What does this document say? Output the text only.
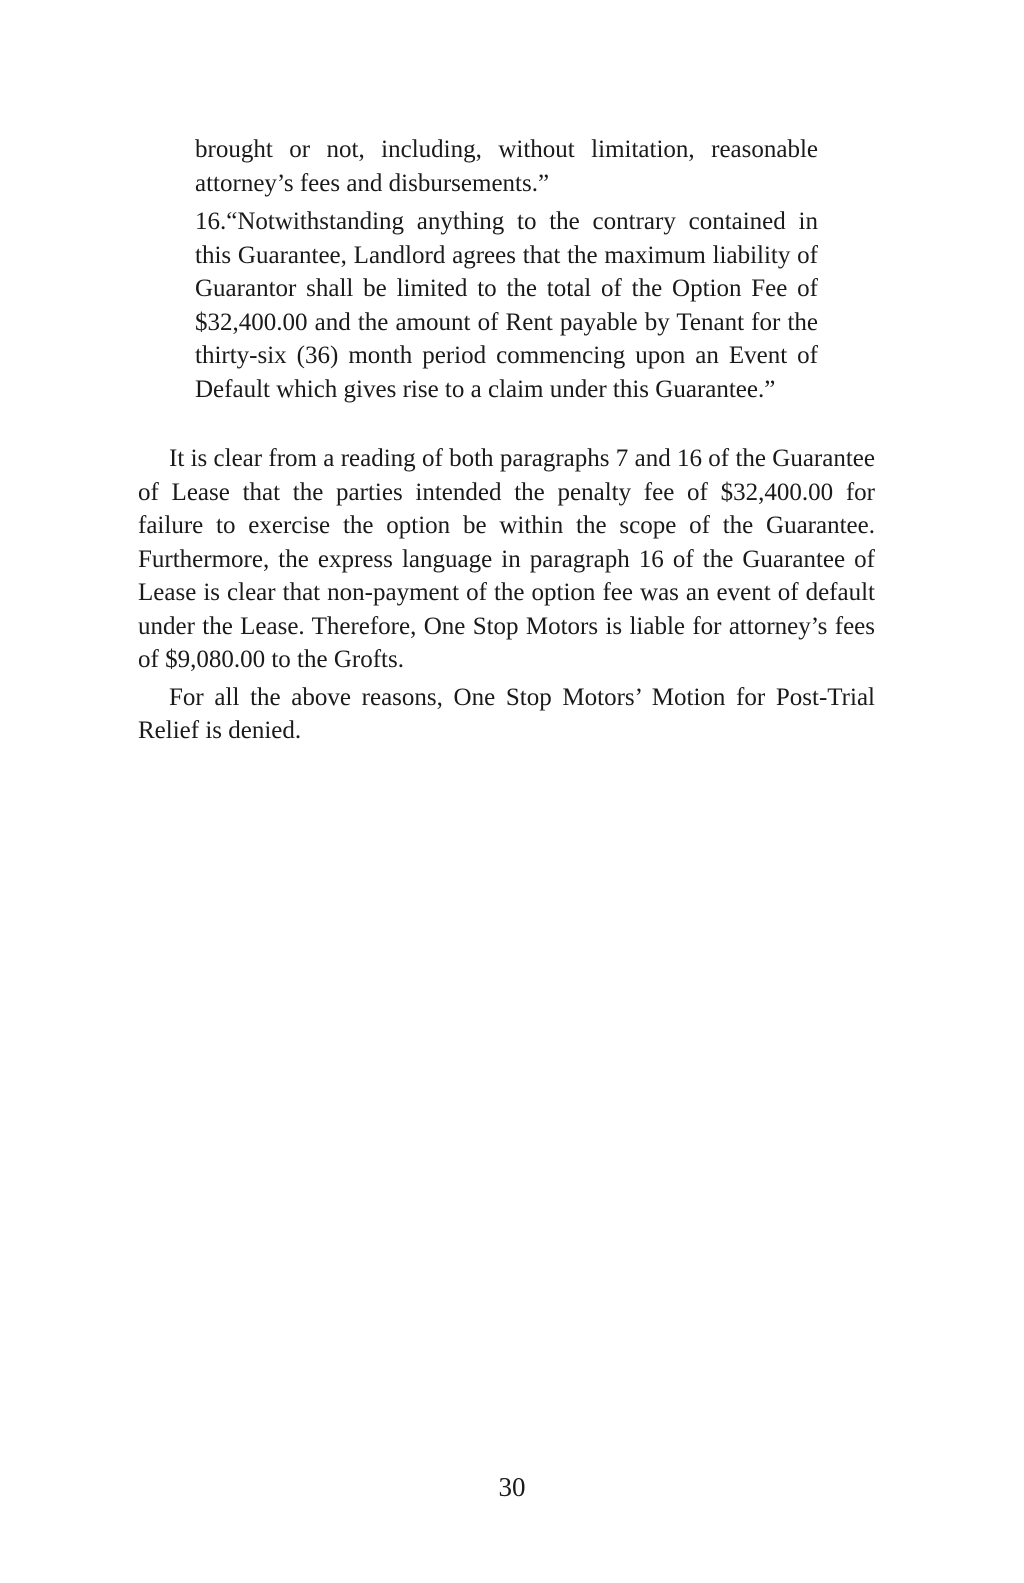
brought or not, including, without limitation, reasonable attorney’s fees and disbursements.”

16.“Notwithstanding anything to the contrary contained in this Guarantee, Landlord agrees that the maximum liability of Guarantor shall be limited to the total of the Option Fee of $32,400.00 and the amount of Rent payable by Tenant for the thirty-six (36) month period commencing upon an Event of Default which gives rise to a claim under this Guarantee.”

It is clear from a reading of both paragraphs 7 and 16 of the Guarantee of Lease that the parties intended the penalty fee of $32,400.00 for failure to exercise the option be within the scope of the Guarantee. Furthermore, the express language in paragraph 16 of the Guarantee of Lease is clear that non-payment of the option fee was an event of default under the Lease. Therefore, One Stop Motors is liable for attorney’s fees of $9,080.00 to the Grofts.

For all the above reasons, One Stop Motors’ Motion for Post-Trial Relief is denied.

30
